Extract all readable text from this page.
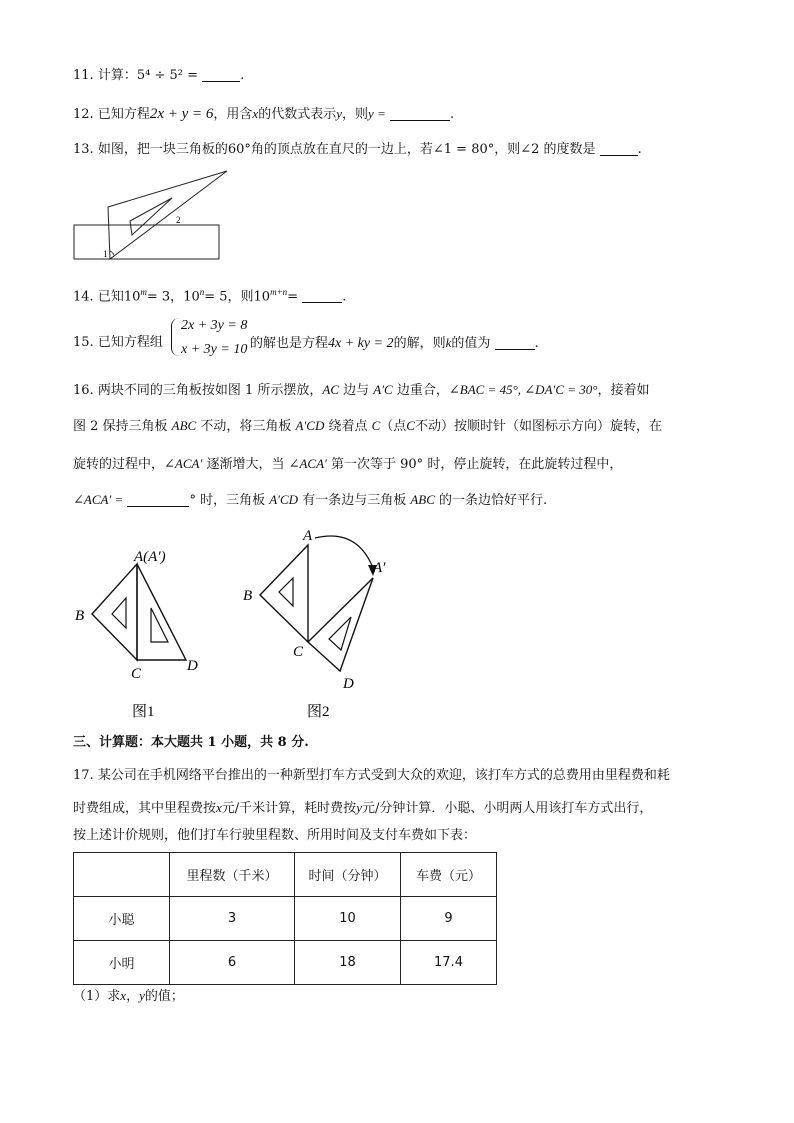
11. 计算：5⁴ ÷ 5² =	.
12. 已知方程2x + y = 6，用含x的代数式表示y，则y =	.
13. 如图，把一块三角板的60°角的顶点放在直尺的一边上，若∠1 = 80°，则∠2 的度数是	.
1
2
14. 已知$10^m= 3$，$10^n= 5$，则$10^{m+n}=$	.
15. 已知方程组
2x + 3y = 8
x + 3y = 10 的解也是方程4x + ky = 2的解，则k的值为	.
16. 两块不同的三角板按如图 1 所示摆放，AC 边与 A′C 边重合，∠BAC = 45°, ∠DA′C = 30°，接着如
图 2 保持三角板 ABC 不动，将三角板 A′CD 绕着点 C（点C不动）按顺时针（如图标示方向）旋转，在
旋转的过程中，∠ACA′ 逐渐增大，当 ∠ACA′ 第一次等于 90° 时，停止旋转，在此旋转过程中，
∠ACA′ =	° 时，三角板 A′CD 有一条边与三角板 ABC 的一条边恰好平行.
A(A′)
B
C	D
图1
A
A′
B
C
D
图2
三、计算题：本大题共 1 小题，共 8 分.
17. 某公司在手机网络平台推出的一种新型打车方式受到大众的欢迎，该打车方式的总费用由里程费和耗
时费组成，其中里程费按x元/千米计算，耗时费按y元/分钟计算．小聪、小明两人用该打车方式出行，
按上述计价规则，他们打车行驶里程数、所用时间及支付车费如下表：
	里程数（千米）	时间（分钟）	车费（元）
小聪	3	10	9
小明	6	18	17.4
（1）求x，y的值；
